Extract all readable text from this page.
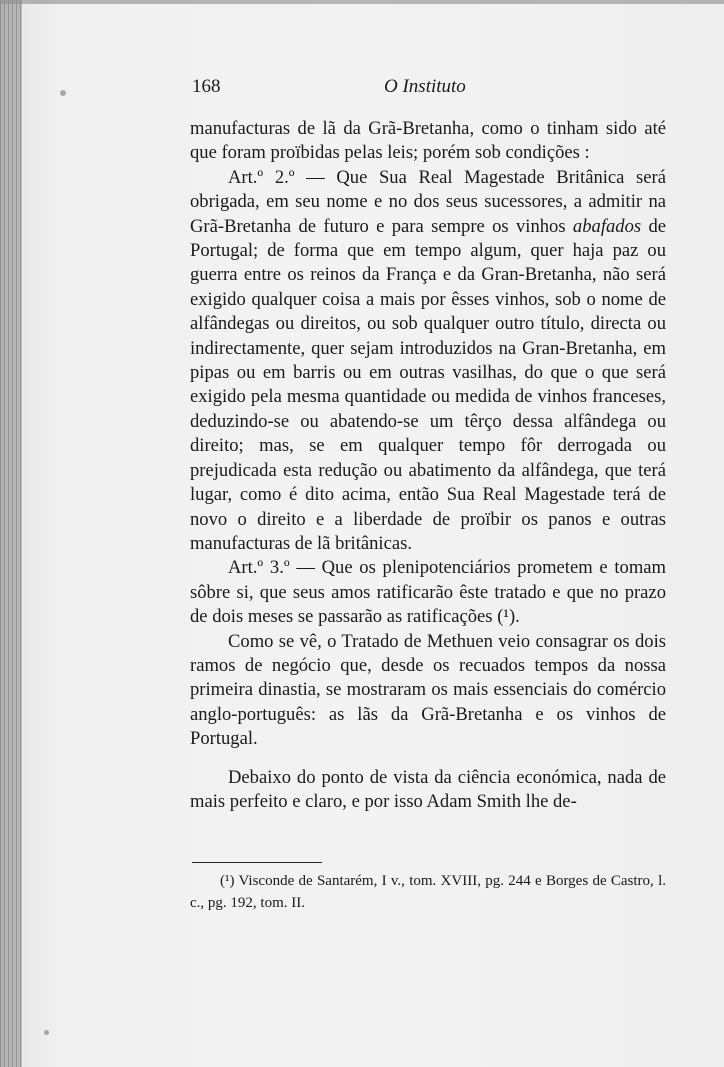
168	O Instituto

manufacturas de lã da Grã-Bretanha, como o tinham sido até que foram proïbidas pelas leis; porém sob condições :

Art.º 2.º — Que Sua Real Magestade Britânica será obrigada, em seu nome e no dos seus sucessores, a admitir na Grã-Bretanha de futuro e para sempre os vinhos abafados de Portugal; de forma que em tempo algum, quer haja paz ou guerra entre os reinos da França e da Gran-Bretanha, não será exigido qualquer coisa a mais por êsses vinhos, sob o nome de alfândegas ou direitos, ou sob qualquer outro título, directa ou indirectamente, quer sejam introduzidos na Gran-Bretanha, em pipas ou em barris ou em outras vasilhas, do que o que será exigido pela mesma quantidade ou medida de vinhos franceses, deduzindo-se ou abatendo-se um têrço dessa alfândega ou direito; mas, se em qualquer tempo fôr derrogada ou prejudicada esta redução ou abatimento da alfândega, que terá lugar, como é dito acima, então Sua Real Magestade terá de novo o direito e a liberdade de proïbir os panos e outras manufacturas de lã britânicas.

Art.º 3.º — Que os plenipotenciários prometem e tomam sôbre si, que seus amos ratificarão êste tratado e que no prazo de dois meses se passarão as ratificações (¹).

Como se vê, o Tratado de Methuen veio consagrar os dois ramos de negócio que, desde os recuados tempos da nossa primeira dinastia, se mostraram os mais essenciais do comércio anglo-português: as lãs da Grã-Bretanha e os vinhos de Portugal.

Debaixo do ponto de vista da ciência económica, nada de mais perfeito e claro, e por isso Adam Smith lhe de-

(¹) Visconde de Santarém, I v., tom. XVIII, pg. 244 e Borges de Castro, l. c., pg. 192, tom. II.
